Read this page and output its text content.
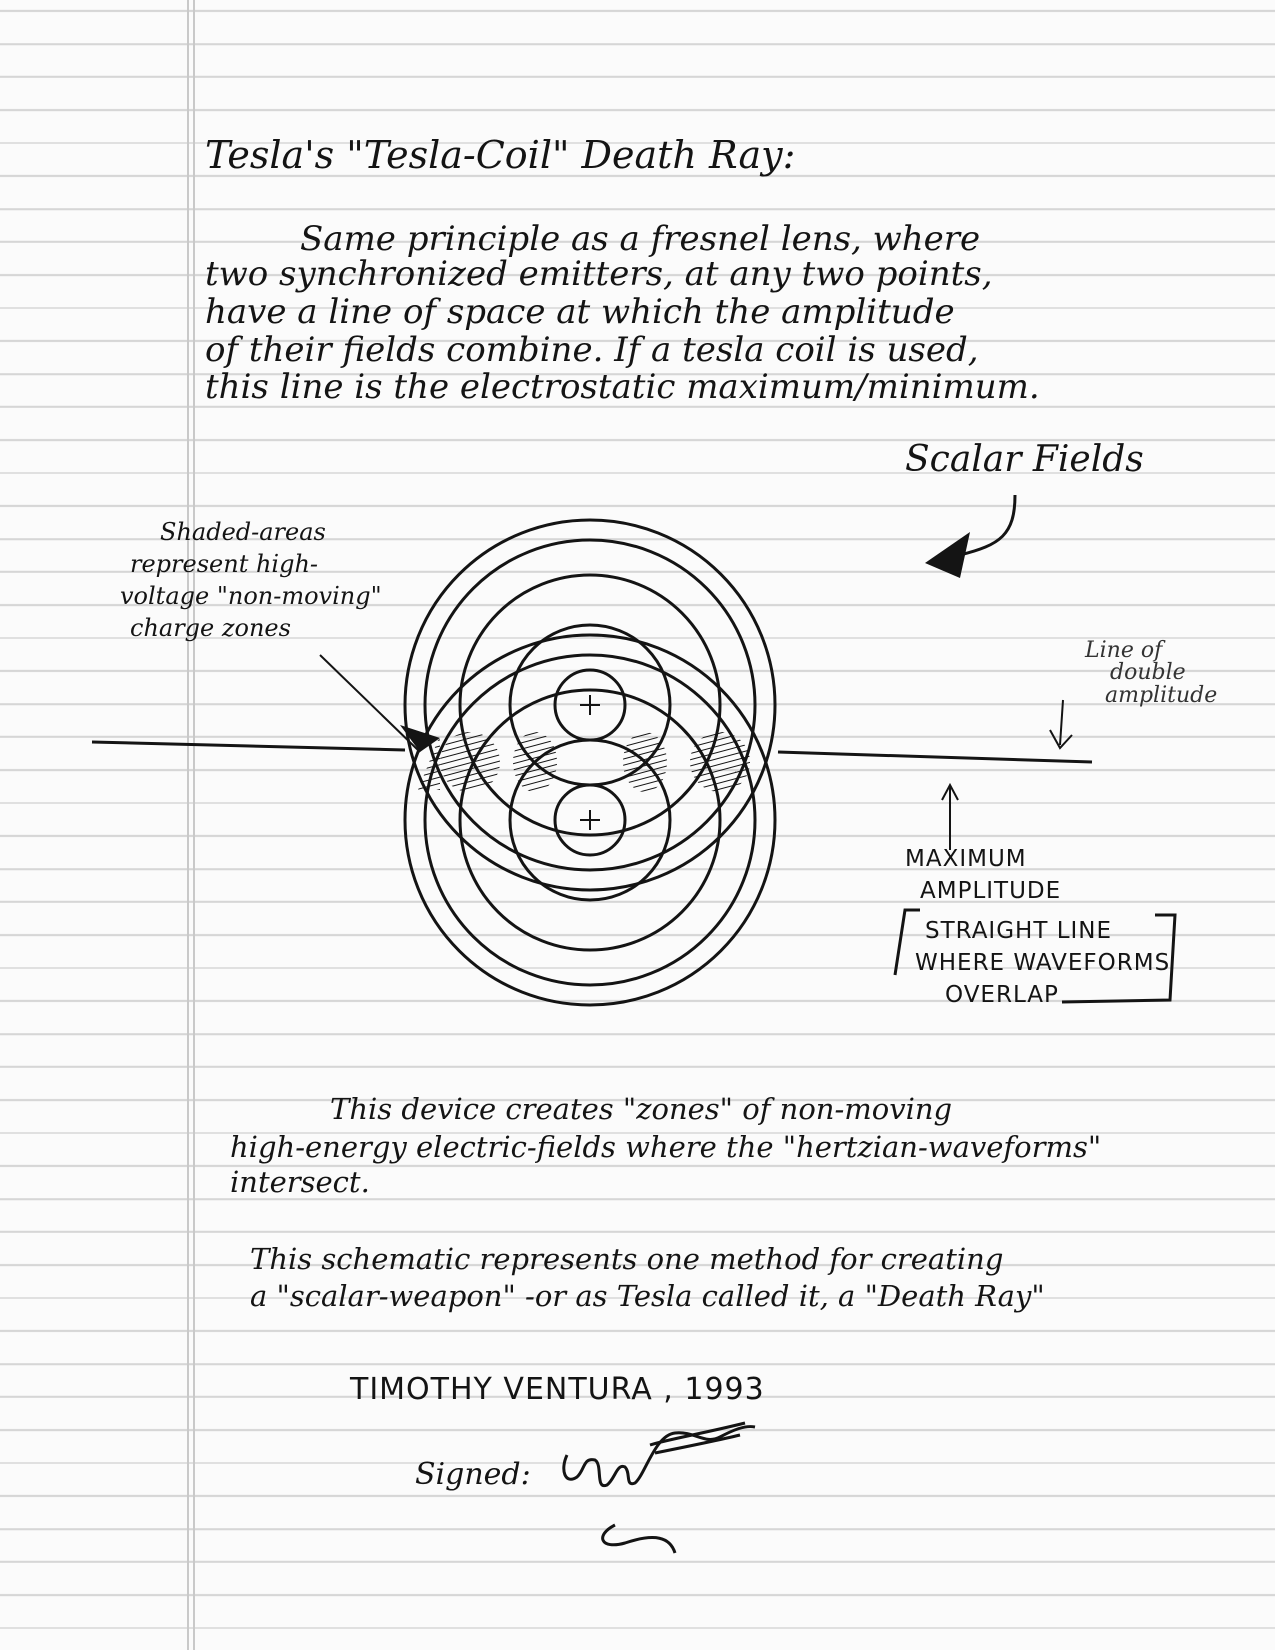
Tesla's "Tesla-Coil" Death Ray:
Same principle as a fresnel lens, where
two synchronized emitters, at any two points,
have a line of space at which the amplitude
of their fields combine. If a tesla coil is used,
this line is the electrostatic maximum/minimum.
Scalar Fields
Shaded-areas
represent high-
voltage "non-moving"
charge zones
Line of
double
amplitude
MAXIMUM
AMPLITUDE
STRAIGHT LINE
WHERE WAVEFORMS
OVERLAP
This device creates "zones" of non-moving
high-energy electric-fields where the "hertzian-waveforms"
intersect.
This schematic represents one method for creating
a "scalar-weapon" -or as Tesla called it, a "Death Ray"
TIMOTHY VENTURA , 1993
Signed:
